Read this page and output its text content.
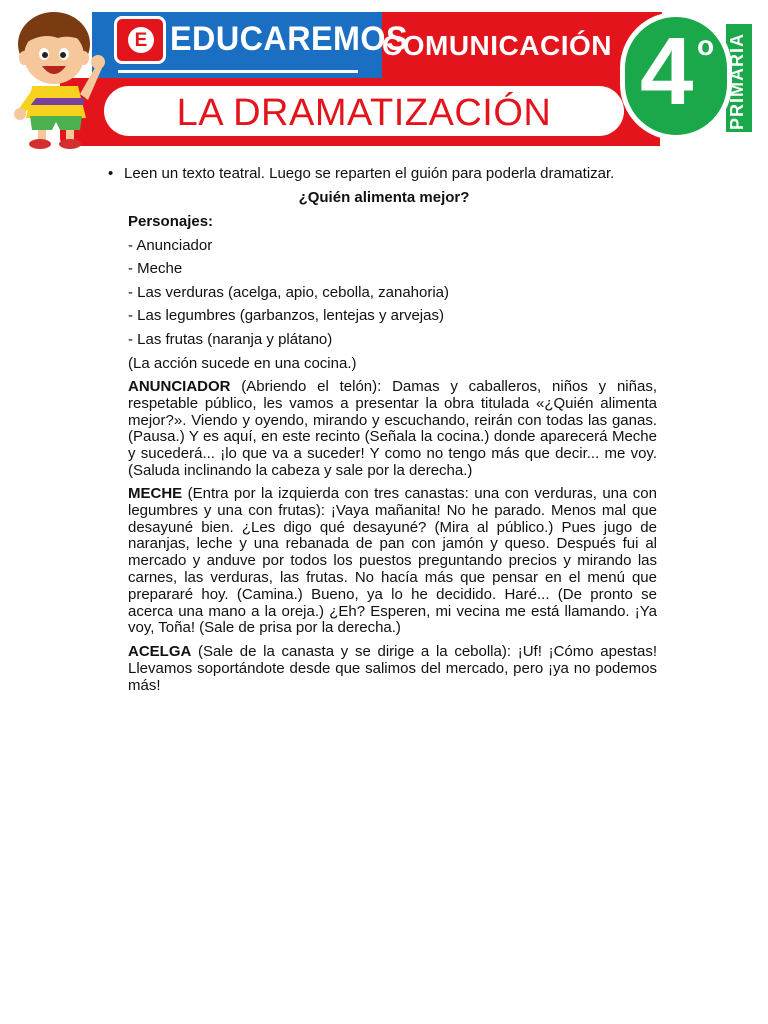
E EDUCAREMOS
COMUNICACIÓN 4 o PRIMARIA
LA DRAMATIZACIÓN
• Leen un texto teatral. Luego se reparten el guión para poderla dramatizar.
¿Quién alimenta mejor?
Personajes:
- Anunciador
- Meche
- Las verduras (acelga, apio, cebolla, zanahoria)
- Las legumbres (garbanzos, lentejas y arvejas)
- Las frutas (naranja y plátano)
(La acción sucede en una cocina.)
ANUNCIADOR (Abriendo el telón): Damas y caballeros, niños y niñas, respetable público, les vamos a presentar la obra titulada «¿Quién alimenta mejor?». Viendo y oyendo, mirando y escuchando, reirán con todas las ganas. (Pausa.) Y es aquí, en este recinto (Señala la cocina.) donde aparecerá Meche y sucederá... ¡lo que va a suceder! Y como no tengo más que decir... me voy. (Saluda inclinando la cabeza y sale por la derecha.)
MECHE (Entra por la izquierda con tres canastas: una con verduras, una con legumbres y una con frutas): ¡Vaya mañanita! No he parado. Menos mal que desayuné bien. ¿Les digo qué desayuné? (Mira al público.) Pues jugo de naranjas, leche y una rebanada de pan con jamón y queso. Después fui al mercado y anduve por todos los puestos preguntando precios y mirando las carnes, las verduras, las frutas. No hacía más que pensar en el menú que prepararé hoy. (Camina.) Bueno, ya lo he decidido. Haré... (De pronto se acerca una mano a la oreja.) ¿Eh? Esperen, mi vecina me está llamando. ¡Ya voy, Toña! (Sale de prisa por la derecha.)
ACELGA (Sale de la canasta y se dirige a la cebolla): ¡Uf! ¡Cómo apestas! Llevamos soportándote desde que salimos del mercado, pero ¡ya no podemos más!
